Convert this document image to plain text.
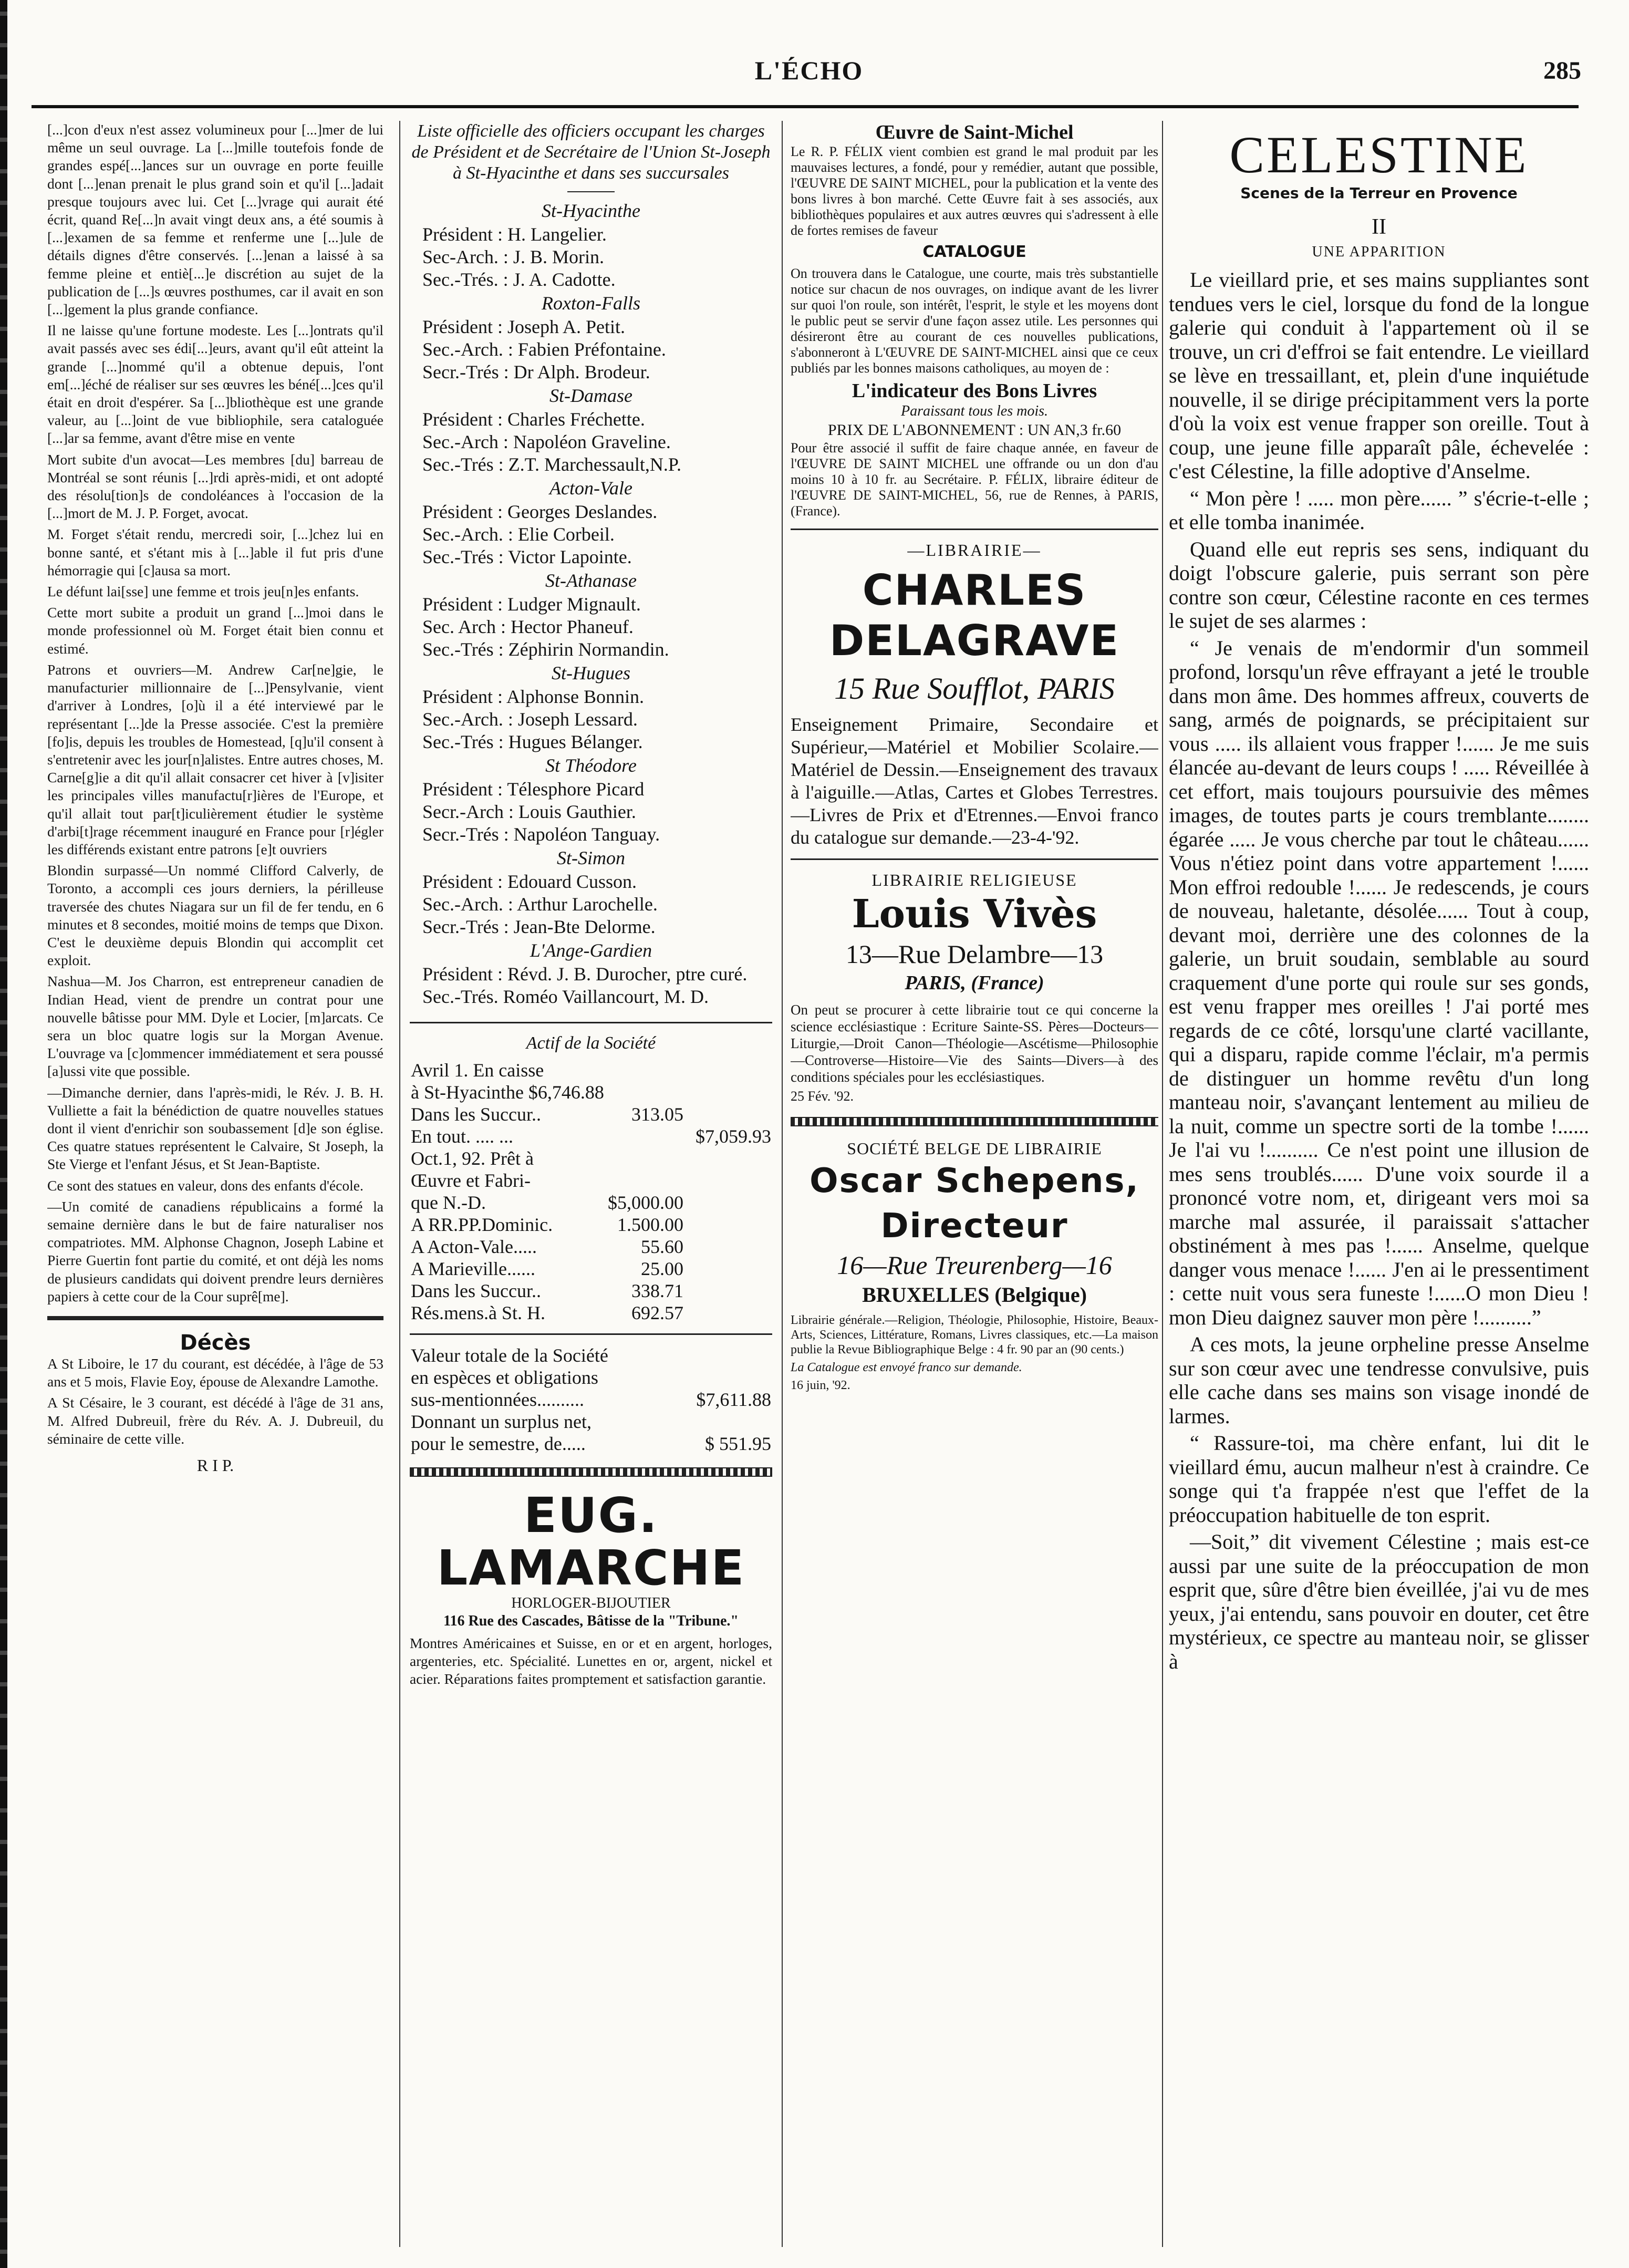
L'ÉCHO	285

[...]con d'eux n'est assez volumineux pour [...]mer de lui même un seul ouvrage. La [...]mille toutefois fonde de grandes espé[...]ances sur un ouvrage en porte feuille dont [...]enan prenait le plus grand soin et qu'il [...]adait presque toujours avec lui. Cet [...]vrage qui aurait été écrit, quand Re[...]n avait vingt deux ans, a été soumis à [...]examen de sa femme et renferme une [...]ule de détails dignes d'être conservés. [...]enan a laissé à sa femme pleine et entiè[...]e discrétion au sujet de la publication de [...]s œuvres posthumes, car il avait en son [...]gement la plus grande confiance.

Il ne laisse qu'une fortune modeste. Les [...]ontrats qu'il avait passés avec ses édi[...]eurs, avant qu'il eût atteint la grande [...]nommé qu'il a obtenue depuis, l'ont em[...]éché de réaliser sur ses œuvres les béné[...]ces qu'il était en droit d'espérer. Sa [...]bliothèque est une grande valeur, au [...]oint de vue bibliophile, sera cataloguée [...]ar sa femme, avant d'être mise en vente

Mort subite d'un avocat—Les membres [du] barreau de Montréal se sont réunis [...]rdi après-midi, et ont adopté des résolu[tion]s de condoléances à l'occasion de la [...]mort de M. J. P. Forget, avocat.

M. Forget s'était rendu, mercredi soir, [...]chez lui en bonne santé, et s'étant mis à [...]able il fut pris d'une hémorragie qui [c]ausa sa mort.

Le défunt lai[sse] une femme et trois jeu[n]es enfants.

Cette mort subite a produit un grand [...]moi dans le monde professionnel où M. Forget était bien connu et estimé.

Patrons et ouvriers—M. Andrew Car[ne]gie, le manufacturier millionnaire de [...]Pensylvanie, vient d'arriver à Londres, [o]ù il a été interviewé par le représentant [...]de la Presse associée. C'est la première [fo]is, depuis les troubles de Homestead, [q]u'il consent à s'entretenir avec les jour[n]alistes. Entre autres choses, M. Carne[g]ie a dit qu'il allait consacrer cet hiver à [v]isiter les principales villes manufactu[r]ières de l'Europe, et qu'il allait tout par[t]iculièrement étudier le système d'arbi[t]rage récemment inauguré en France pour [r]égler les différends existant entre patrons [e]t ouvriers

Blondin surpassé—Un nommé Clifford Calverly, de Toronto, a accompli ces jours derniers, la périlleuse traversée des chutes Niagara sur un fil de fer tendu, en 6 minutes et 8 secondes, moitié moins de temps que Dixon. C'est le deuxième depuis Blondin qui accomplit cet exploit.

Nashua—M. Jos Charron, est entrepreneur canadien de Indian Head, vient de prendre un contrat pour une nouvelle bâtisse pour MM. Dyle et Locier, [m]arcats. Ce sera un bloc quatre logis sur la Morgan Avenue. L'ouvrage va [c]ommencer immédiatement et sera poussé [a]ussi vite que possible.

—Dimanche dernier, dans l'après-midi, le Rév. J. B. H. Vulliette a fait la bénédiction de quatre nouvelles statues dont il vient d'enrichir son soubassement [d]e son église. Ces quatre statues représentent le Calvaire, St Joseph, la Ste Vierge et l'enfant Jésus, et St Jean-Baptiste.

Ce sont des statues en valeur, dons des enfants d'école.

—Un comité de canadiens républicains a formé la semaine dernière dans le but de faire naturaliser nos compatriotes. MM. Alphonse Chagnon, Joseph Labine et Pierre Guertin font partie du comité, et ont déjà les noms de plusieurs candidats qui doivent prendre leurs dernières papiers à cette cour de la Cour suprê[me].

Décès

A St Liboire, le 17 du courant, est décédée, à l'âge de 53 ans et 5 mois, Flavie Eoy, épouse de Alexandre Lamothe.

A St Césaire, le 3 courant, est décédé à l'âge de 31 ans, M. Alfred Dubreuil, frère du Rév. A. J. Dubreuil, du séminaire de cette ville.

R I P.
Liste officielle des officiers occupant les charges de Président et de Secrétaire de l'Union St-Joseph à St-Hyacinthe et dans ses succursales
St-Hyacinthe
Président : H. Langelier.
Sec-Arch. : J. B. Morin.
Sec.-Trés. : J. A. Cadotte.
Roxton-Falls
Président : Joseph A. Petit.
Sec.-Arch. : Fabien Préfontaine.
Secr.-Trés : Dr Alph. Brodeur.
St-Damase
Président : Charles Fréchette.
Sec.-Arch : Napoléon Graveline.
Sec.-Trés : Z.T. Marchessault,N.P.
Acton-Vale
Président : Georges Deslandes.
Sec.-Arch. : Elie Corbeil.
Sec.-Trés : Victor Lapointe.
St-Athanase
Président : Ludger Mignault.
Sec. Arch : Hector Phaneuf.
Sec.-Trés : Zéphirin Normandin.
St-Hugues
Président : Alphonse Bonnin.
Sec.-Arch. : Joseph Lessard.
Sec.-Trés : Hugues Bélanger.
St Théodore
Président : Télesphore Picard
Secr.-Arch : Louis Gauthier.
Secr.-Trés : Napoléon Tanguay.
St-Simon
Président : Edouard Cusson.
Sec.-Arch. : Arthur Larochelle.
Secr.-Trés : Jean-Bte Delorme.
L'Ange-Gardien
Président : Révd. J. B. Durocher, ptre curé.
Sec.-Trés. Roméo Vaillancourt, M. D.
Actif de la Société
Avril 1. En caisse		
à St-Hyacinthe $6,746.88		
Dans les Succur..	313.05	
En tout. .... ...		$7,059.93
Oct.1, 92. Prêt à		
Œuvre et Fabri-		
que N.-D.	$5,000.00	
A RR.PP.Dominic.	1.500.00	
A Acton-Vale.....	55.60	
A Marieville......	25.00	
Dans les Succur..	338.71	
Rés.mens.à St. H.	692.57	
Valeur totale de la Société en espèces et obligations sus-mentionnées..........	$7,611.88
Donnant un surplus net, pour le semestre, de.....	$ 551.95
EUG. LAMARCHE
HORLOGER-BIJOUTIER
116 Rue des Cascades, Bâtisse de la "Tribune."

Montres Américaines et Suisse, en or et en argent, horloges, argenteries, etc. Spécialité. Lunettes en or, argent, nickel et acier. Réparations faites promptement et satisfaction garantie.

Œuvre de Saint-Michel

Le R. P. FÉLIX vient combien est grand le mal produit par les mauvaises lectures, a fondé, pour y remédier, autant que possible, l'ŒUVRE DE SAINT MICHEL, pour la publication et la vente des bons livres à bon marché. Cette Œuvre fait à ses associés, aux bibliothèques populaires et aux autres œuvres qui s'adressent à elle de fortes remises de faveur

CATALOGUE

On trouvera dans le Catalogue, une courte, mais très substantielle notice sur chacun de nos ouvrages, on indique avant de les livrer sur quoi l'on roule, son intérêt, l'esprit, le style et les moyens dont le public peut se servir d'une façon assez utile. Les personnes qui désireront être au courant de ces nouvelles publications, s'abonneront à L'ŒUVRE DE SAINT-MICHEL ainsi que ce ceux publiés par les bonnes maisons catholiques, au moyen de :

L'indicateur des Bons Livres
Paraissant tous les mois.
PRIX DE L'ABONNEMENT : UN AN,3 fr.60

Pour être associé il suffit de faire chaque année, en faveur de l'ŒUVRE DE SAINT MICHEL une offrande ou un don d'au moins 10 à 10 fr. au Secrétaire. P. FÉLIX, libraire éditeur de l'ŒUVRE DE SAINT-MICHEL, 56, rue de Rennes, à PARIS, (France).

—LIBRAIRIE—
CHARLES DELAGRAVE
15 Rue Soufflot, PARIS

Enseignement Primaire, Secondaire et Supérieur,—Matériel et Mobilier Scolaire.—Matériel de Dessin.—Enseignement des travaux à l'aiguille.—Atlas, Cartes et Globes Terrestres.—Livres de Prix et d'Etrennes.—Envoi franco du catalogue sur demande.—23-4-'92.

LIBRAIRIE RELIGIEUSE
Louis Vivès
13—Rue Delambre—13
PARIS, (France)

On peut se procurer à cette librairie tout ce qui concerne la science ecclésiastique : Ecriture Sainte-SS. Pères—Docteurs—Liturgie,—Droit Canon—Théologie—Ascétisme—Philosophie—Controverse—Histoire—Vie des Saints—Divers—à des conditions spéciales pour les ecclésiastiques.

25 Fév. '92.

SOCIÉTÉ BELGE DE LIBRAIRIE
Oscar Schepens, Directeur
16—Rue Treurenberg—16
BRUXELLES (Belgique)

Librairie générale.—Religion, Théologie, Philosophie, Histoire, Beaux-Arts, Sciences, Littérature, Romans, Livres classiques, etc.—La maison publie la Revue Bibliographique Belge : 4 fr. 90 par an (90 cents.)

La Catalogue est envoyé franco sur demande.

16 juin, '92.

CELESTINE
Scenes de la Terreur en Provence
II
UNE APPARITION

Le vieillard prie, et ses mains suppliantes sont tendues vers le ciel, lorsque du fond de la longue galerie qui conduit à l'appartement où il se trouve, un cri d'effroi se fait entendre. Le vieillard se lève en tressaillant, et, plein d'une inquiétude nouvelle, il se dirige précipitamment vers la porte d'où la voix est venue frapper son oreille. Tout à coup, une jeune fille apparaît pâle, échevelée : c'est Célestine, la fille adoptive d'Anselme.

“ Mon père ! ..... mon père...... ” s'écrie-t-elle ; et elle tomba inanimée.

Quand elle eut repris ses sens, indiquant du doigt l'obscure galerie, puis serrant son père contre son cœur, Célestine raconte en ces termes le sujet de ses alarmes :

“ Je venais de m'endormir d'un sommeil profond, lorsqu'un rêve effrayant a jeté le trouble dans mon âme. Des hommes affreux, couverts de sang, armés de poignards, se précipitaient sur vous ..... ils allaient vous frapper !...... Je me suis élancée au-devant de leurs coups ! ..... Réveillée à cet effort, mais toujours poursuivie des mêmes images, de toutes parts je cours tremblante........ égarée ..... Je vous cherche par tout le château...... Vous n'étiez point dans votre appartement !...... Mon effroi redouble !...... Je redescends, je cours de nouveau, haletante, désolée...... Tout à coup, devant moi, derrière une des colonnes de la galerie, un bruit soudain, semblable au sourd craquement d'une porte qui roule sur ses gonds, est venu frapper mes oreilles ! J'ai porté mes regards de ce côté, lorsqu'une clarté vacillante, qui a disparu, rapide comme l'éclair, m'a permis de distinguer un homme revêtu d'un long manteau noir, s'avançant lentement au milieu de la nuit, comme un spectre sorti de la tombe !...... Je l'ai vu !.......... Ce n'est point une illusion de mes sens troublés...... D'une voix sourde il a prononcé votre nom, et, dirigeant vers moi sa marche mal assurée, il paraissait s'attacher obstinément à mes pas !...... Anselme, quelque danger vous menace !...... J'en ai le pressentiment : cette nuit vous sera funeste !......O mon Dieu ! mon Dieu daignez sauver mon père !..........”

A ces mots, la jeune orpheline presse Anselme sur son cœur avec une tendresse convulsive, puis elle cache dans ses mains son visage inondé de larmes.

“ Rassure-toi, ma chère enfant, lui dit le vieillard ému, aucun malheur n'est à craindre. Ce songe qui t'a frappée n'est que l'effet de la préoccupation habituelle de ton esprit.

—Soit,” dit vivement Célestine ; mais est-ce aussi par une suite de la préoccupation de mon esprit que, sûre d'être bien éveillée, j'ai vu de mes yeux, j'ai entendu, sans pouvoir en douter, cet être mystérieux, ce spectre au manteau noir, se glisser à
